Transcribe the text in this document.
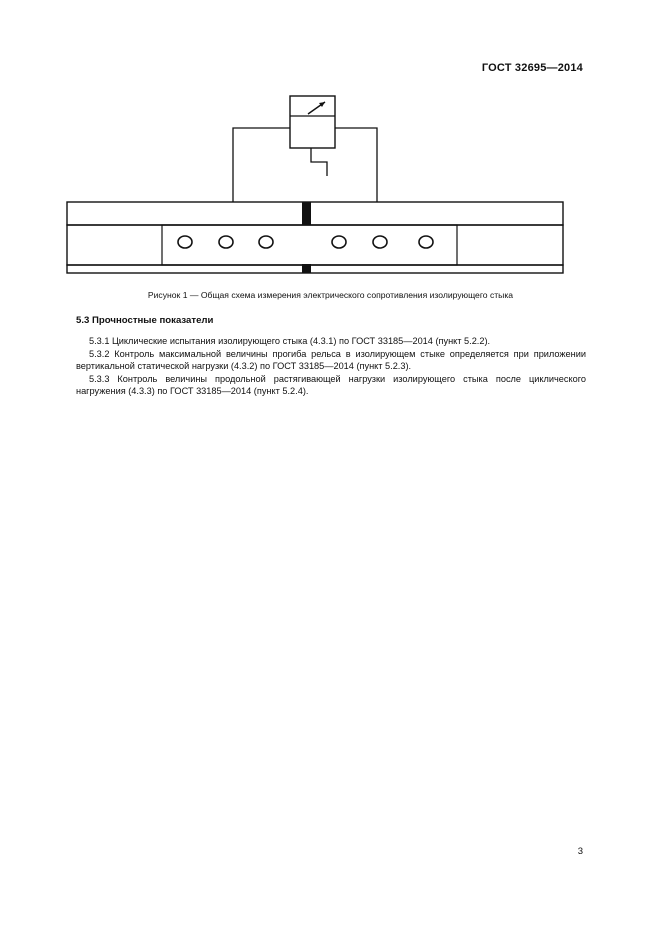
ГОСТ 32695—2014
Рисунок 1 — Общая схема измерения электрического сопротивления изолирующего стыка
5.3 Прочностные показатели

5.3.1 Циклические испытания изолирующего стыка (4.3.1) по ГОСТ 33185—2014 (пункт 5.2.2).

5.3.2 Контроль максимальной величины прогиба рельса в изолирующем стыке определяется при приложении вертикальной статической нагрузки (4.3.2) по ГОСТ 33185—2014 (пункт 5.2.3).

5.3.3 Контроль величины продольной растягивающей нагрузки изолирующего стыка после циклического нагружения (4.3.3) по ГОСТ 33185—2014 (пункт 5.2.4).

3
